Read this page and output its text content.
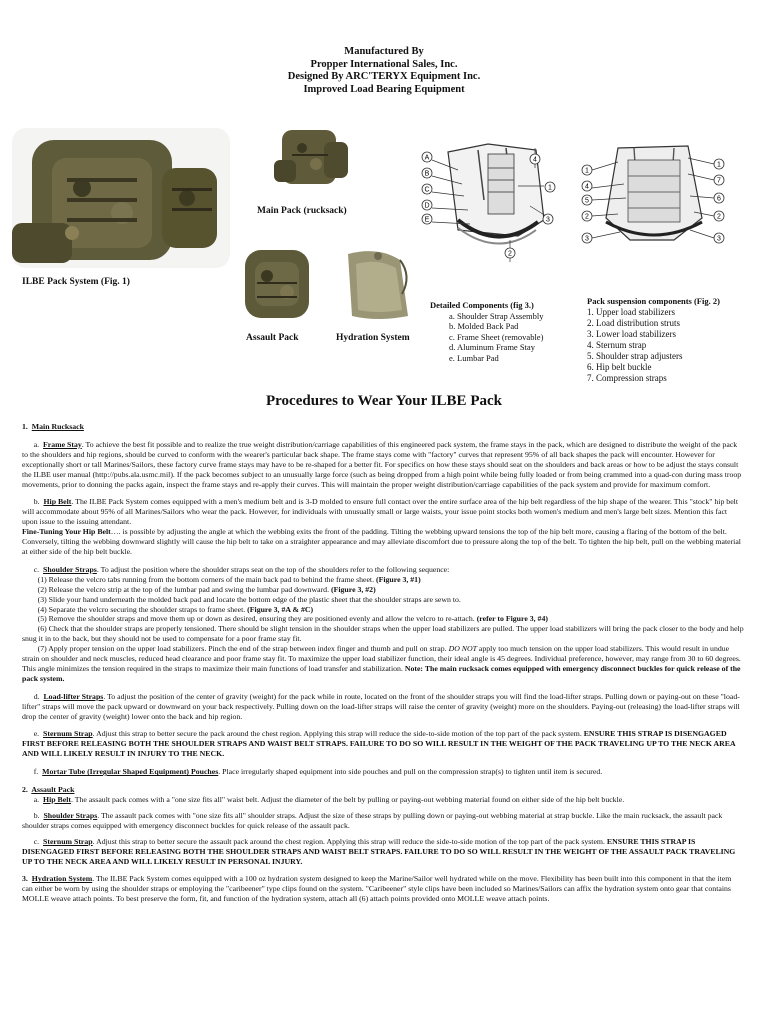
Manufactured By
Propper International Sales, Inc.
Designed By ARC'TERYX Equipment Inc.
Improved Load Bearing Equipment
ILBE Pack System (Fig. 1)
Main Pack (rucksack)
Assault Pack	Hydration System
A
B
C
D
E
4
1
3
2
1
4
5
2
3
1
7
6
2
3
Detailed Components (fig 3.)
a. Shoulder Strap Assembly
b. Molded Back Pad
c. Frame Sheet (removable)
d. Aluminum Frame Stay
e. Lumbar Pad
Pack suspension components (Fig. 2)
1. Upper load stabilizers
2. Load distribution struts
3. Lower load stabilizers
4. Sternum strap
5. Shoulder strap adjusters
6. Hip belt buckle
7. Compression straps
Procedures to Wear Your ILBE Pack

1. Main Rucksack

a. Frame Stay. To achieve the best fit possible and to realize the true weight distribution/carriage capabilities of this engineered pack system, the frame stays in the pack, which are designed to distribute the weight of the pack to the shoulders and hip regions, should be curved to conform with the wearer's particular back shape. The frame stays come with "factory" curves that represent 95% of all back shapes the pack will encounter. However for exceptionally short or tall Marines/Sailors, these factory curve frame stays may have to be re-shaped for a better fit. For specifics on how these stays should seat on the shoulders and back areas or how to be adjust the stays consult the ILBE user manual (http://pubs.ala.usmc.mil). If the pack becomes subject to an unusually large force (such as being dropped from a high point while being fully loaded or from being crammed into a quad-con during mass troop movements, prior to donning the packs again, inspect the frame stays and re-apply their curves. This will maintain the proper weight distribution/carriage capabilities of the pack system and provide for maximum comfort.

b. Hip Belt. The ILBE Pack System comes equipped with a men's medium belt and is 3-D molded to ensure full contact over the entire surface area of the hip belt regardless of the hip shape of the wearer. This "stock" hip belt will accommodate about 95% of all Marines/Sailors who wear the pack. However, for individuals with unusually small or large waists, your issue point stocks both women's medium and men's large belt sizes. Mention this fact upon issue to the issuing attendant.

Fine-Tuning Your Hip Belt…. is possible by adjusting the angle at which the webbing exits the front of the padding. Tilting the webbing upward tensions the top of the hip belt more, causing a flaring of the bottom of the belt. Conversely, tilting the webbing downward slightly will cause the hip belt to take on a straighter appearance and may alleviate discomfort due to pressure along the top of the belt. To tighten the hip belt, pull on the webbing material at either side of the hip belt buckle.

c. Shoulder Straps. To adjust the position where the shoulder straps seat on the top of the shoulders refer to the following sequence:

(1) Release the velcro tabs running from the bottom corners of the main back pad to behind the frame sheet. (Figure 3, #1)

(2) Release the velcro strip at the top of the lumbar pad and swing the lumbar pad downward. (Figure 3, #2)

(3) Slide your hand underneath the molded back pad and locate the bottom edge of the plastic sheet that the shoulder straps are sewn to.

(4) Separate the velcro securing the shoulder straps to frame sheet. (Figure 3, #A & #C)

(5) Remove the shoulder straps and move them up or down as desired, ensuring they are positioned evenly and allow the velcro to re-attach. (refer to Figure 3, #4)

(6) Check that the shoulder straps are properly tensioned. There should be slight tension in the shoulder straps when the upper load stabilizers are pulled. The upper load stabilizers will bring the pack closer to the body and help snug it in to the back, but they should not be used to compensate for a poor frame stay fit.

(7) Apply proper tension on the upper load stabilizers. Pinch the end of the strap between index finger and thumb and pull on strap. DO NOT apply too much tension on the upper load stabilizers. This would result in undue strain on shoulder and neck muscles, reduced head clearance and poor frame stay fit. To maximize the upper load stabilizer function, their ideal angle is 45 degrees. Individual preference, however, may range from 30 to 60 degrees. This angle minimizes the tension required in the straps to maximize their main functions of load transfer and stabilization. Note: The main rucksack comes equipped with emergency disconnect buckles for quick release of the pack system.

d. Load-lifter Straps. To adjust the position of the center of gravity (weight) for the pack while in route, located on the front of the shoulder straps you will find the load-lifter straps. Pulling down or paying-out on these "load-lifter" straps will move the pack upward or downward on your back respectively. Pulling down on the load-lifter straps will raise the center of gravity (weight) more on the shoulders. Paying-out (releasing) the load-lifter straps will drop the center of gravity (weight) lower onto the back and hip region.

e. Sternum Strap. Adjust this strap to better secure the pack around the chest region. Applying this strap will reduce the side-to-side motion of the top part of the pack system. ENSURE THIS STRAP IS DISENGAGED FIRST BEFORE RELEASING BOTH THE SHOULDER STRAPS AND WAIST BELT STRAPS. FAILURE TO DO SO WILL RESULT IN THE WEIGHT OF THE PACK TRAVELING UP TO THE NECK AREA AND WILL LIKELY RESULT IN INJURY TO THE NECK.

f. Mortar Tube (Irregular Shaped Equipment) Pouches. Place irregularly shaped equipment into side pouches and pull on the compression strap(s) to tighten until item is secured.

2. Assault Pack

a. Hip Belt. The assault pack comes with a "one size fits all" waist belt. Adjust the diameter of the belt by pulling or paying-out webbing material found on either side of the hip belt buckle.

b. Shoulder Straps. The assault pack comes with "one size fits all" shoulder straps. Adjust the size of these straps by pulling down or paying-out webbing material at strap buckle. Like the main rucksack, the assault pack shoulder straps comes equipped with emergency disconnect buckles for quick release of the assault pack.

c. Sternum Strap. Adjust this strap to better secure the assault pack around the chest region. Applying this strap will reduce the side-to-side motion of the top part of the pack system. ENSURE THIS STRAP IS DISENGAGED FIRST BEFORE RELEASING BOTH THE SHOULDER STRAPS AND WAIST BELT STRAPS. FAILURE TO DO SO WILL RESULT IN THE WEIGHT OF THE ASSAULT PACK TRAVELING UP TO THE NECK AREA AND WILL LIKELY RESULT IN PERSONAL INJURY.

3. Hydration System. The ILBE Pack System comes equipped with a 100 oz hydration system designed to keep the Marine/Sailor well hydrated while on the move. Flexibility has been built into this component in that the item can either be worn by using the shoulder straps or employing the "caribeener" type clips found on the system. "Caribeener" style clips have been included so Marines/Sailors can affix the hydration system onto gear that contains MOLLE weave attach points. To best preserve the form, fit, and function of the hydration system, attach all (6) attach points provided onto MOLLE weave attach points.
